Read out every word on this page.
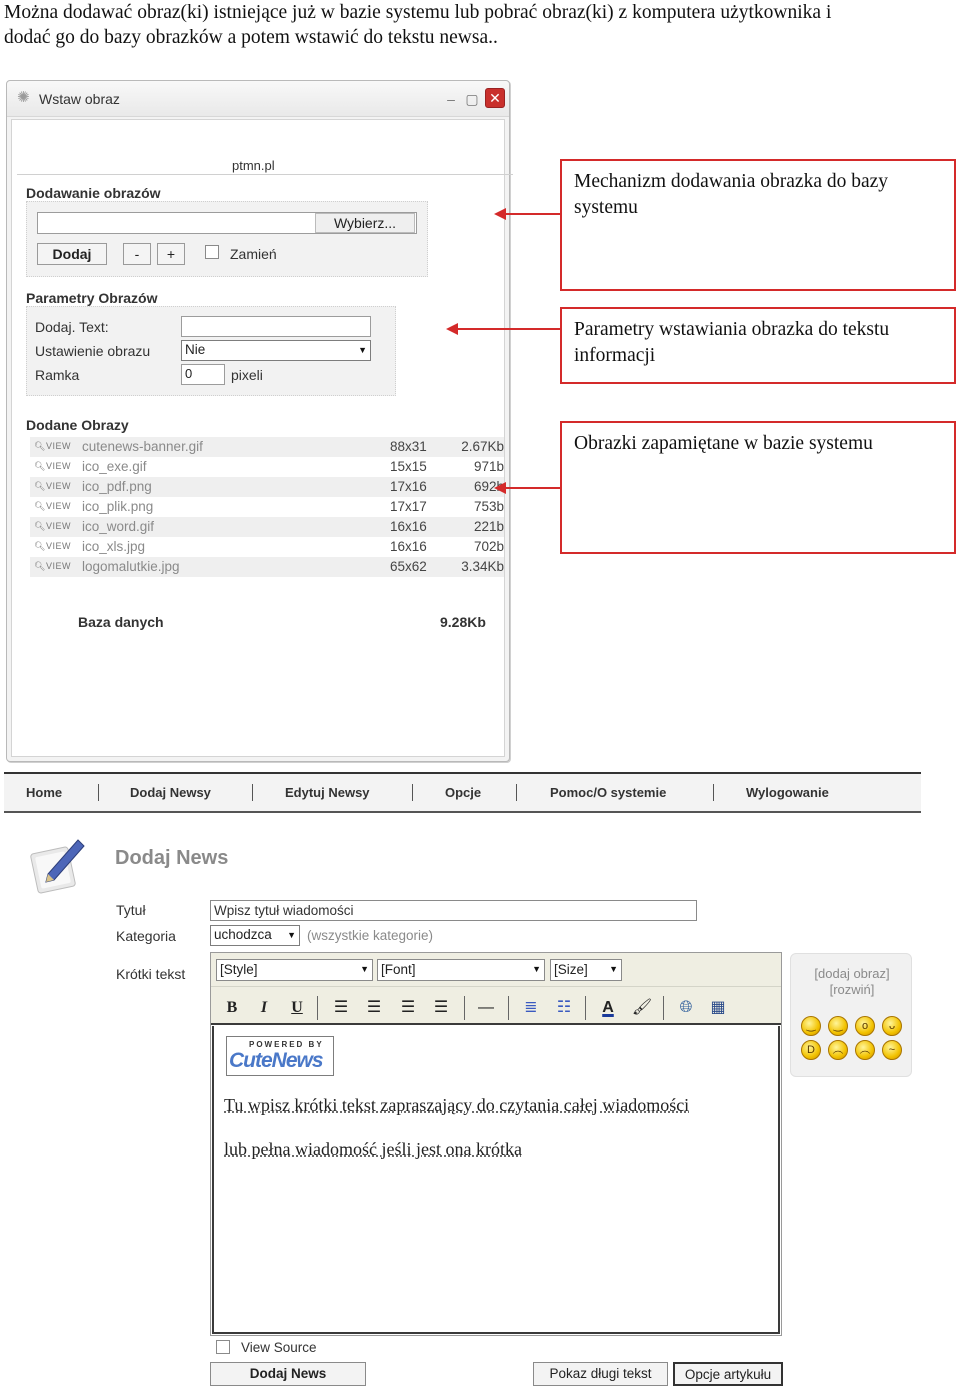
Można dodawać obraz(ki) istniejące już w bazie systemu lub pobrać obraz(ki) z komputera użytkownika i
dodać go do bazy obrazków a potem wstawić do tekstu newsa..
✺ Wstaw obraz	– ▢ ✕
ptmn.pl
Dodawanie obrazów
Wybierz...
Dodaj	-	+	Zamień
Parametry Obrazów
Dodaj. Text:
Ustawienie obrazu	Nie	▼
Ramka	0	pixeli
Dodane Obrazy
🔍︎VIEW cutenews-banner.gif	88x31	2.67Kb
🔍︎VIEW ico_exe.gif	15x15	971b
🔍︎VIEW ico_pdf.png	17x16	692b
🔍︎VIEW ico_plik.png	17x17	753b
🔍︎VIEW ico_word.gif	16x16	221b
🔍︎VIEW ico_xls.jpg	16x16	702b
🔍︎VIEW logomalutkie.jpg	65x62	3.34Kb
Baza danych	9.28Kb
Mechanizm dodawania obrazka do bazy systemu
Parametry wstawiania obrazka do tekstu informacji
Obrazki zapamiętane w bazie systemu
Home	Dodaj Newsy	Edytuj Newsy	Opcje	Pomoc/O systemie	Wylogowanie
Dodaj News
Tytuł	Wpisz tytuł wiadomości
Kategoria	uchodzca ▼ (wszystkie kategorie)
Krótki tekst	[Style]	▼ [Font]	▼ [Size] ▼
B	I	U	☰ ☰ ☰ ☰ — ≣ ☷	A	🖌︎ 🌐︎ ▦
POWERED BY
CuteNews
Tu wpisz krótki tekst zapraszający do czytania całej wiadomości
lub pełna wiadomość jeśli jest ona krótka
[dodaj obraz]
[rozwiń]
‿	‿	o	ᴗ
D	︵	︵	~
View Source
Dodaj News	Pokaz długi tekst	Opcje artykułu
